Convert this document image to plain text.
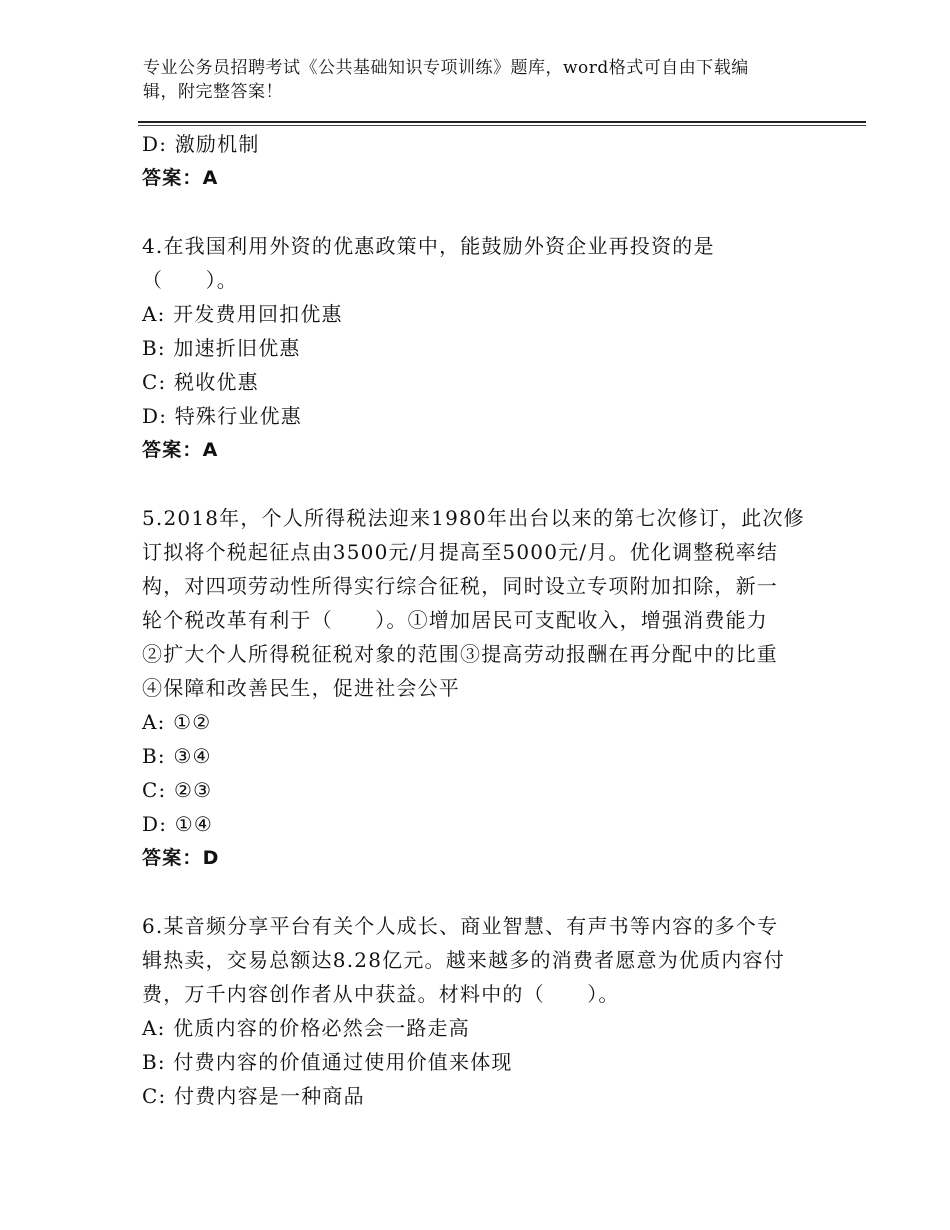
专业公务员招聘考试《公共基础知识专项训练》题库，word格式可自由下载编
辑，附完整答案！
D: 激励机制
答案：A
4.在我国利用外资的优惠政策中，能鼓励外资企业再投资的是
（　　）。
A: 开发费用回扣优惠
B: 加速折旧优惠
C: 税收优惠
D: 特殊行业优惠
答案：A
5.2018年，个人所得税法迎来1980年出台以来的第七次修订，此次修
订拟将个税起征点由3500元/月提高至5000元/月。优化调整税率结
构，对四项劳动性所得实行综合征税，同时设立专项附加扣除，新一
轮个税改革有利于（　　）。①增加居民可支配收入，增强消费能力
②扩大个人所得税征税对象的范围③提高劳动报酬在再分配中的比重
④保障和改善民生，促进社会公平
A: ①②
B: ③④
C: ②③
D: ①④
答案：D
6.某音频分享平台有关个人成长、商业智慧、有声书等内容的多个专
辑热卖，交易总额达8.28亿元。越来越多的消费者愿意为优质内容付
费，万千内容创作者从中获益。材料中的（　　）。
A: 优质内容的价格必然会一路走高
B: 付费内容的价值通过使用价值来体现
C: 付费内容是一种商品
